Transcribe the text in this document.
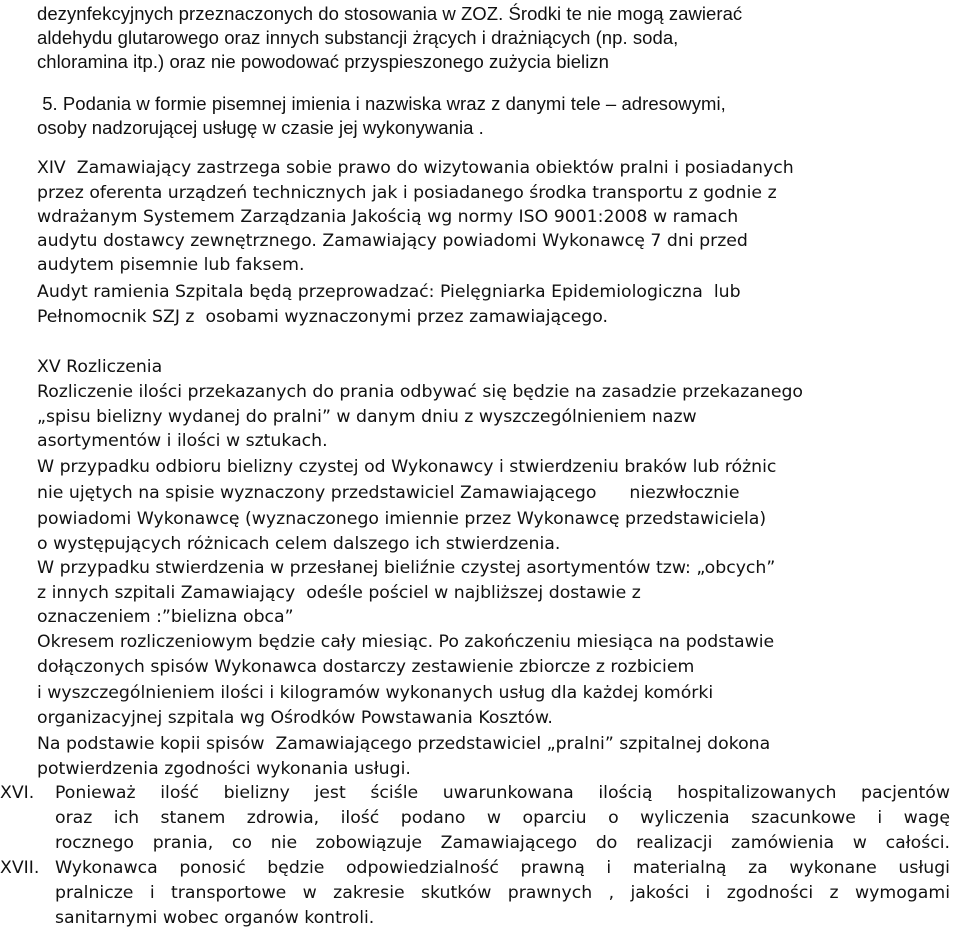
dezynfekcyjnych przeznaczonych do stosowania w ZOZ. Środki te nie mogą zawierać
aldehydu glutarowego oraz innych substancji żrących i drażniących (np. soda,
chloramina itp.) oraz nie powodować przyspieszonego zużycia bielizn
5. Podania w formie pisemnej imienia i nazwiska wraz z danymi tele – adresowymi,
osoby nadzorującej usługę w czasie jej wykonywania .
XIV  Zamawiający zastrzega sobie prawo do wizytowania obiektów pralni i posiadanych
przez oferenta urządzeń technicznych jak i posiadanego środka transportu z godnie z
wdrażanym Systemem Zarządzania Jakością wg normy ISO 9001:2008 w ramach
audytu dostawcy zewnętrznego. Zamawiający powiadomi Wykonawcę 7 dni przed
audytem pisemnie lub faksem.
Audyt ramienia Szpitala będą przeprowadzać: Pielęgniarka Epidemiologiczna  lub
Pełnomocnik SZJ z  osobami wyznaczonymi przez zamawiającego.
XV Rozliczenia
Rozliczenie ilości przekazanych do prania odbywać się będzie na zasadzie przekazanego
„spisu bielizny wydanej do pralni” w danym dniu z wyszczególnieniem nazw
asortymentów i ilości w sztukach.
W przypadku odbioru bielizny czystej od Wykonawcy i stwierdzeniu braków lub różnic
nie ujętych na spisie wyznaczony przedstawiciel Zamawiającego      niezwłocznie
powiadomi Wykonawcę (wyznaczonego imiennie przez Wykonawcę przedstawiciela)
o występujących różnicach celem dalszego ich stwierdzenia.
W przypadku stwierdzenia w przesłanej bieliźnie czystej asortymentów tzw: „obcych”
z innych szpitali Zamawiający  odeśle pościel w najbliższej dostawie z
oznaczeniem :”bielizna obca”
Okresem rozliczeniowym będzie cały miesiąc. Po zakończeniu miesiąca na podstawie
dołączonych spisów Wykonawca dostarczy zestawienie zbiorcze z rozbiciem
i wyszczególnieniem ilości i kilogramów wykonanych usług dla każdej komórki
organizacyjnej szpitala wg Ośrodków Powstawania Kosztów.
Na podstawie kopii spisów  Zamawiającego przedstawiciel „pralni” szpitalnej dokona
potwierdzenia zgodności wykonania usługi.
XVI. Ponieważ ilość bielizny jest ściśle uwarunkowana ilością hospitalizowanych pacjentów
oraz ich stanem zdrowia, ilość podano w oparciu o wyliczenia szacunkowe i wagę
rocznego prania, co nie zobowiązuje Zamawiającego do realizacji zamówienia w całości.
XVII. Wykonawca ponosić będzie odpowiedzialność prawną i materialną za wykonane usługi
pralnicze i transportowe w zakresie skutków prawnych , jakości i zgodności z wymogami
sanitarnymi wobec organów kontroli.
